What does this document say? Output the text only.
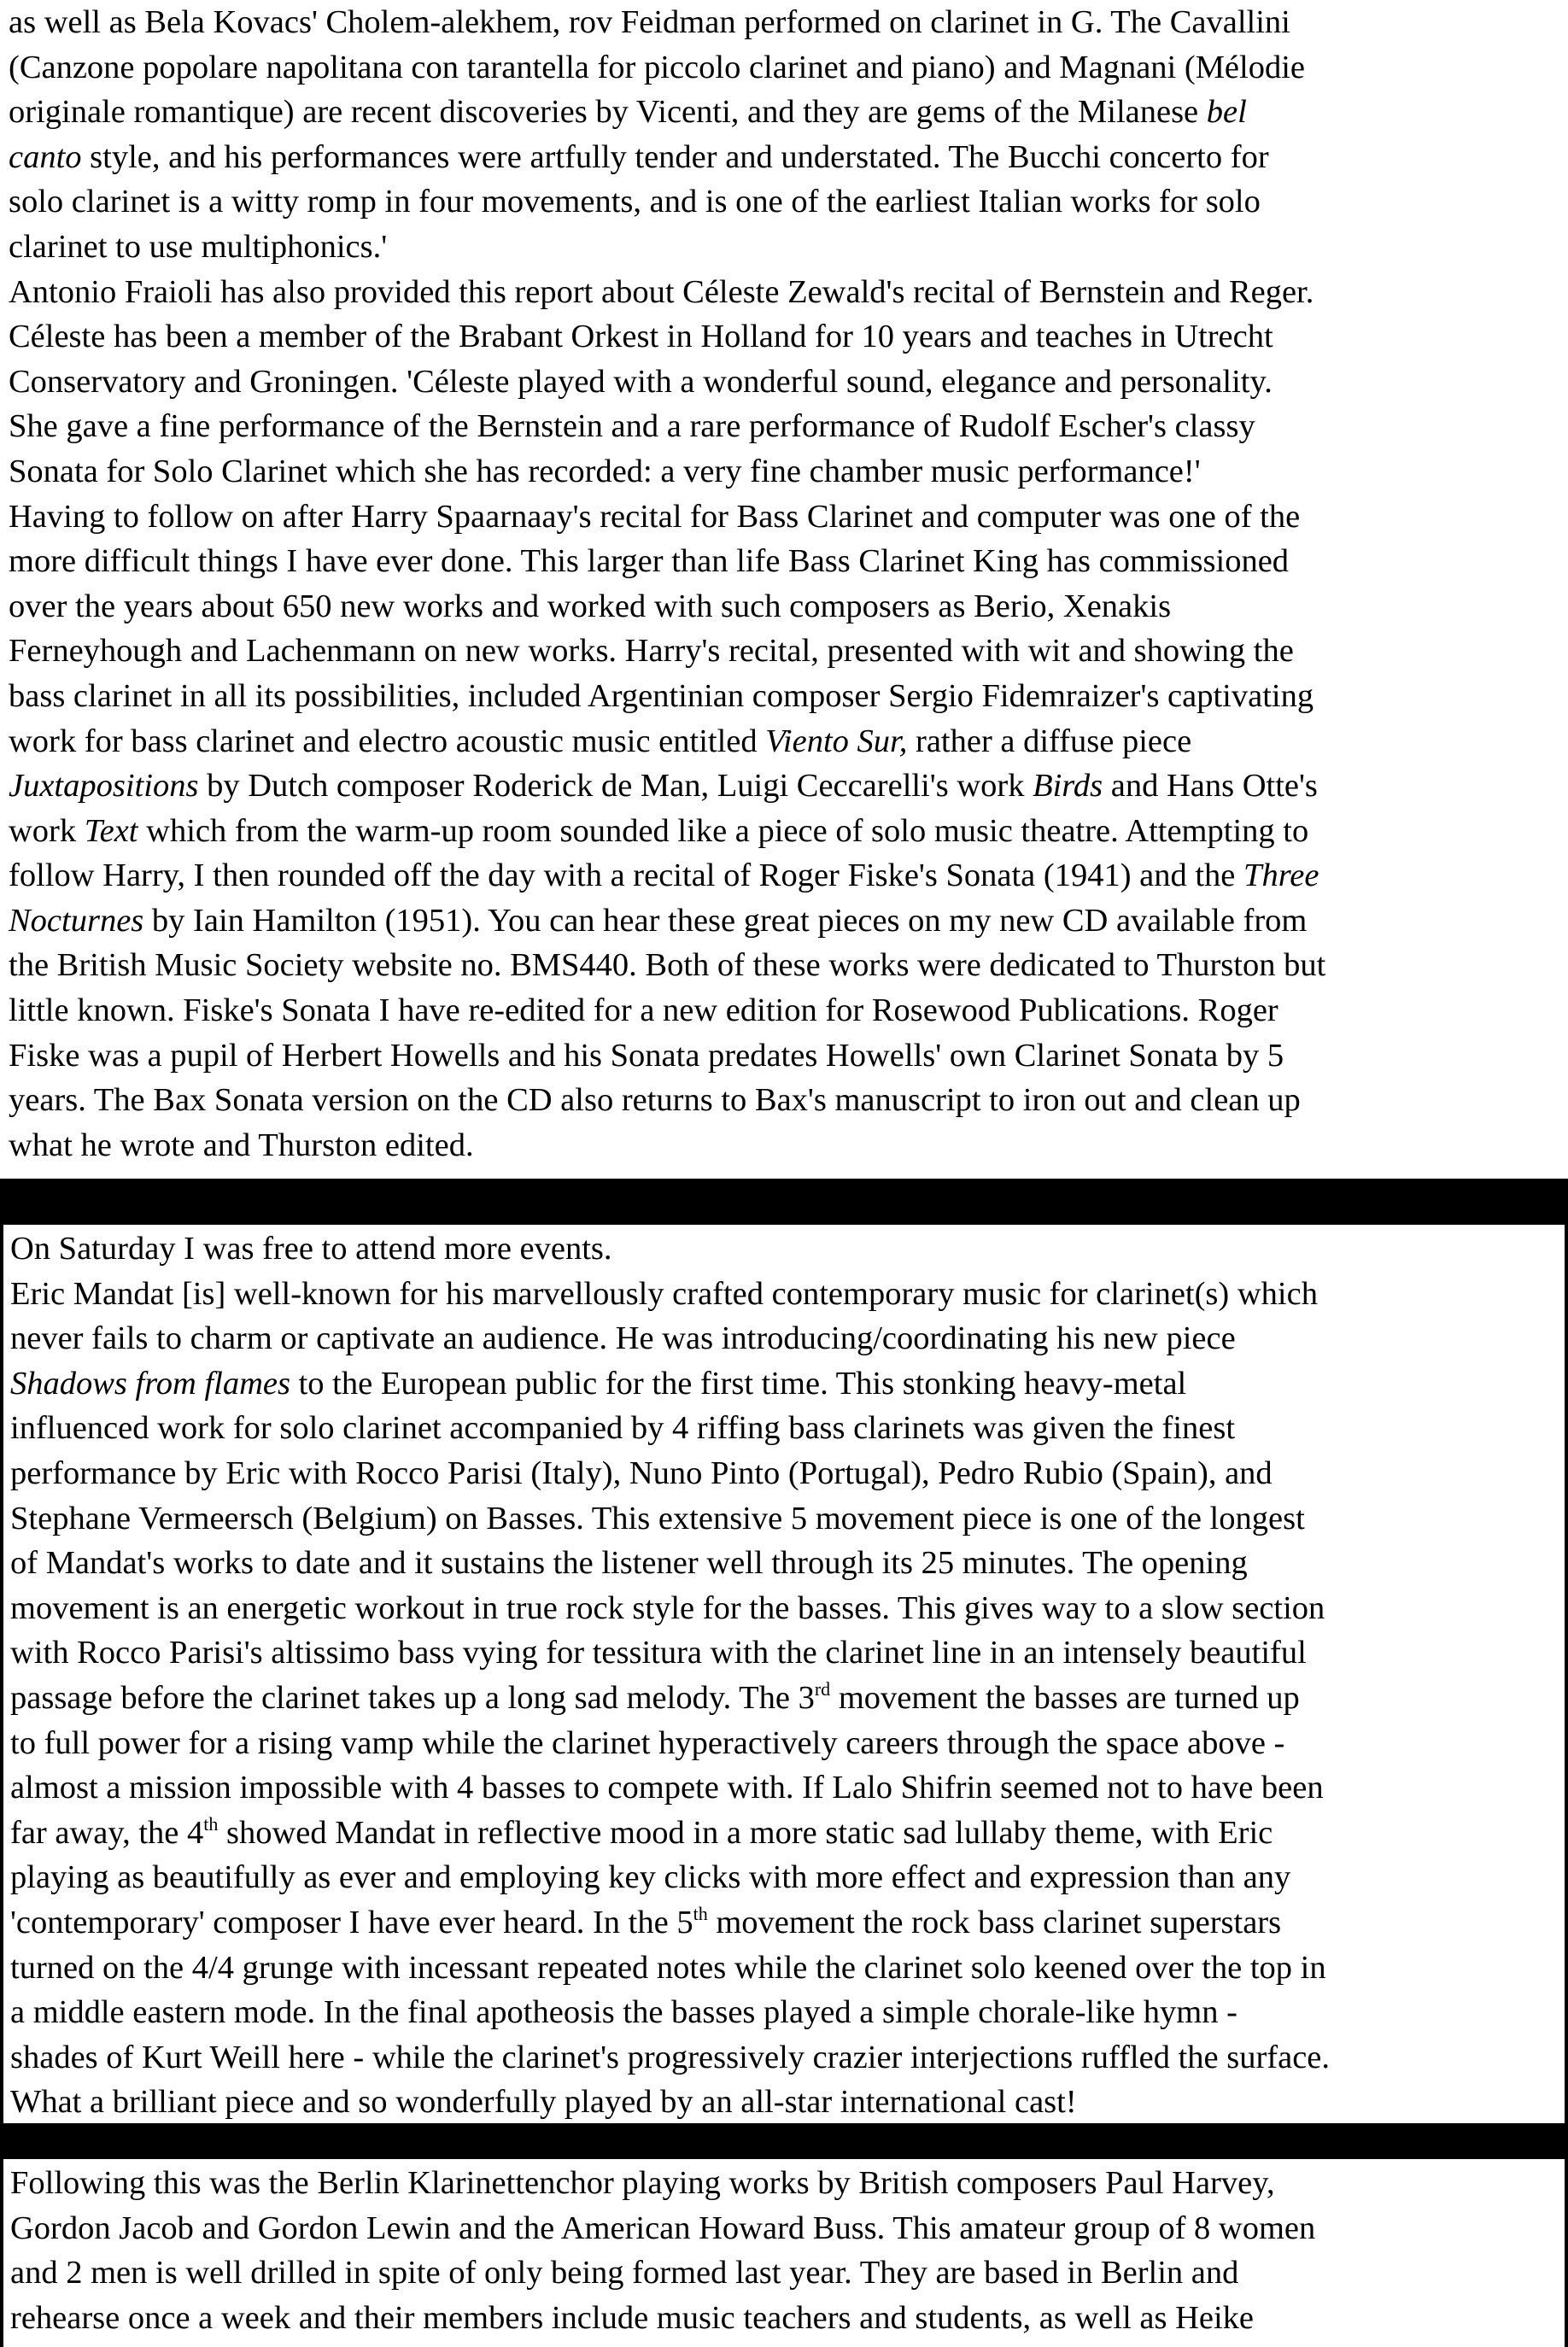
as well as Bela Kovacs' Cholem-alekhem, rov Feidman performed on clarinet in G. The Cavallini
(Canzone popolare napolitana con tarantella for piccolo clarinet and piano) and Magnani (Mélodie
originale romantique) are recent discoveries by Vicenti, and they are gems of the Milanese bel
canto style, and his performances were artfully tender and understated. The Bucchi concerto for
solo clarinet is a witty romp in four movements, and is one of the earliest Italian works for solo
clarinet to use multiphonics.'
Antonio Fraioli has also provided this report about Céleste Zewald's recital of Bernstein and Reger.
Céleste has been a member of the Brabant Orkest in Holland for 10 years and teaches in Utrecht
Conservatory and Groningen. 'Céleste played with a wonderful sound, elegance and personality.
She gave a fine performance of the Bernstein and a rare performance of Rudolf Escher's classy
Sonata for Solo Clarinet which she has recorded: a very fine chamber music performance!'
Having to follow on after Harry Spaarnaay's recital for Bass Clarinet and computer was one of the
more difficult things I have ever done. This larger than life Bass Clarinet King has commissioned
over the years about 650 new works and worked with such composers as Berio, Xenakis
Ferneyhough and Lachenmann on new works. Harry's recital, presented with wit and showing the
bass clarinet in all its possibilities, included Argentinian composer Sergio Fidemraizer's captivating
work for bass clarinet and electro acoustic music entitled Viento Sur, rather a diffuse piece
Juxtapositions by Dutch composer Roderick de Man, Luigi Ceccarelli's work Birds and Hans Otte's
work Text which from the warm-up room sounded like a piece of solo music theatre. Attempting to
follow Harry, I then rounded off the day with a recital of Roger Fiske's Sonata (1941) and the Three
Nocturnes by Iain Hamilton (1951). You can hear these great pieces on my new CD available from
the British Music Society website no. BMS440. Both of these works were dedicated to Thurston but
little known. Fiske's Sonata I have re-edited for a new edition for Rosewood Publications. Roger
Fiske was a pupil of Herbert Howells and his Sonata predates Howells' own Clarinet Sonata by 5
years. The Bax Sonata version on the CD also returns to Bax's manuscript to iron out and clean up
what he wrote and Thurston edited.
On Saturday I was free to attend more events.
Eric Mandat [is] well-known for his marvellously crafted contemporary music for clarinet(s) which
never fails to charm or captivate an audience. He was introducing/coordinating his new piece
Shadows from flames to the European public for the first time. This stonking heavy-metal
influenced work for solo clarinet accompanied by 4 riffing bass clarinets was given the finest
performance by Eric with Rocco Parisi (Italy), Nuno Pinto (Portugal), Pedro Rubio (Spain), and
Stephane Vermeersch (Belgium) on Basses. This extensive 5 movement piece is one of the longest
of Mandat's works to date and it sustains the listener well through its 25 minutes. The opening
movement is an energetic workout in true rock style for the basses. This gives way to a slow section
with Rocco Parisi's altissimo bass vying for tessitura with the clarinet line in an intensely beautiful
passage before the clarinet takes up a long sad melody. The 3rd movement the basses are turned up
to full power for a rising vamp while the clarinet hyperactively careers through the space above -
almost a mission impossible with 4 basses to compete with. If Lalo Shifrin seemed not to have been
far away, the 4th showed Mandat in reflective mood in a more static sad lullaby theme, with Eric
playing as beautifully as ever and employing key clicks with more effect and expression than any
'contemporary' composer I have ever heard. In the 5th movement the rock bass clarinet superstars
turned on the 4/4 grunge with incessant repeated notes while the clarinet solo keened over the top in
a middle eastern mode. In the final apotheosis the basses played a simple chorale-like hymn -
shades of Kurt Weill here - while the clarinet's progressively crazier interjections ruffled the surface.
What a brilliant piece and so wonderfully played by an all-star international cast!
Following this was the Berlin Klarinettenchor playing works by British composers Paul Harvey,
Gordon Jacob and Gordon Lewin and the American Howard Buss. This amateur group of 8 women
and 2 men is well drilled in spite of only being formed last year. They are based in Berlin and
rehearse once a week and their members include music teachers and students, as well as Heike
